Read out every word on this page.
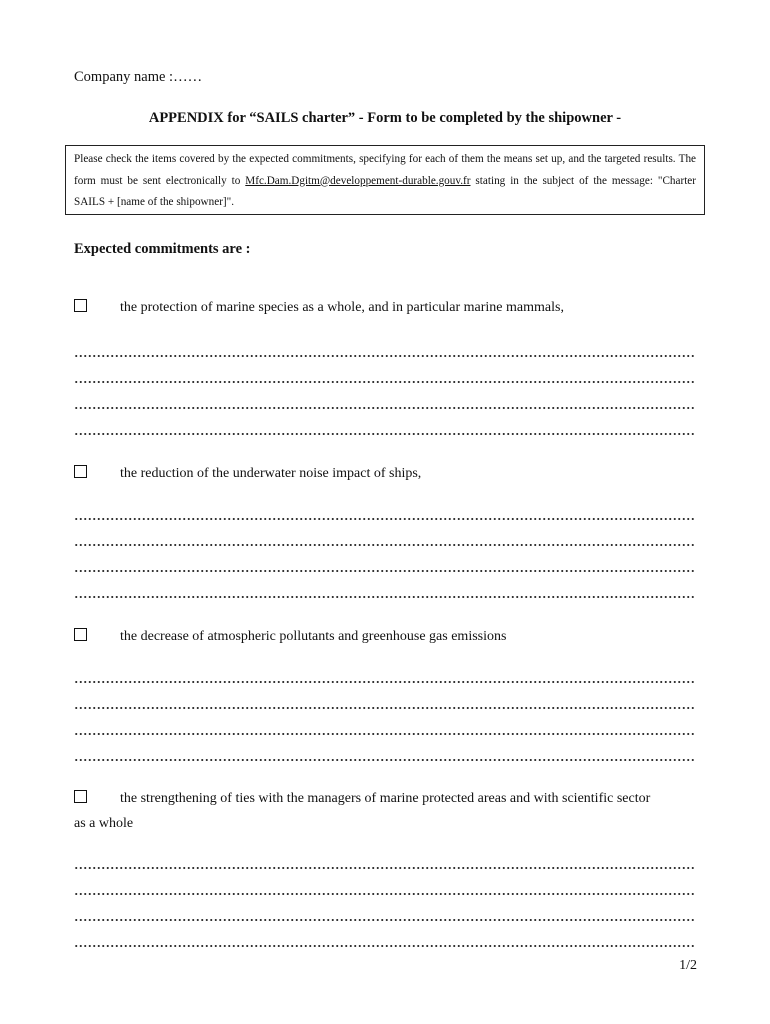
Company name :……
APPENDIX for “SAILS charter” - Form to be completed by the shipowner -
Please check the items covered by the expected commitments, specifying for each of them the means set up, and the targeted results. The form must be sent electronically to Mfc.Dam.Dgitm@developpement-durable.gouv.fr stating in the subject of the message: "Charter SAILS + [name of the shipowner]".
Expected commitments are :
the protection of marine species as a whole, and in particular marine mammals,
the reduction of the underwater noise impact of ships,
the decrease of atmospheric pollutants and greenhouse gas emissions
the strengthening of ties with the managers of marine protected areas and with scientific sector
as a whole
1/2
